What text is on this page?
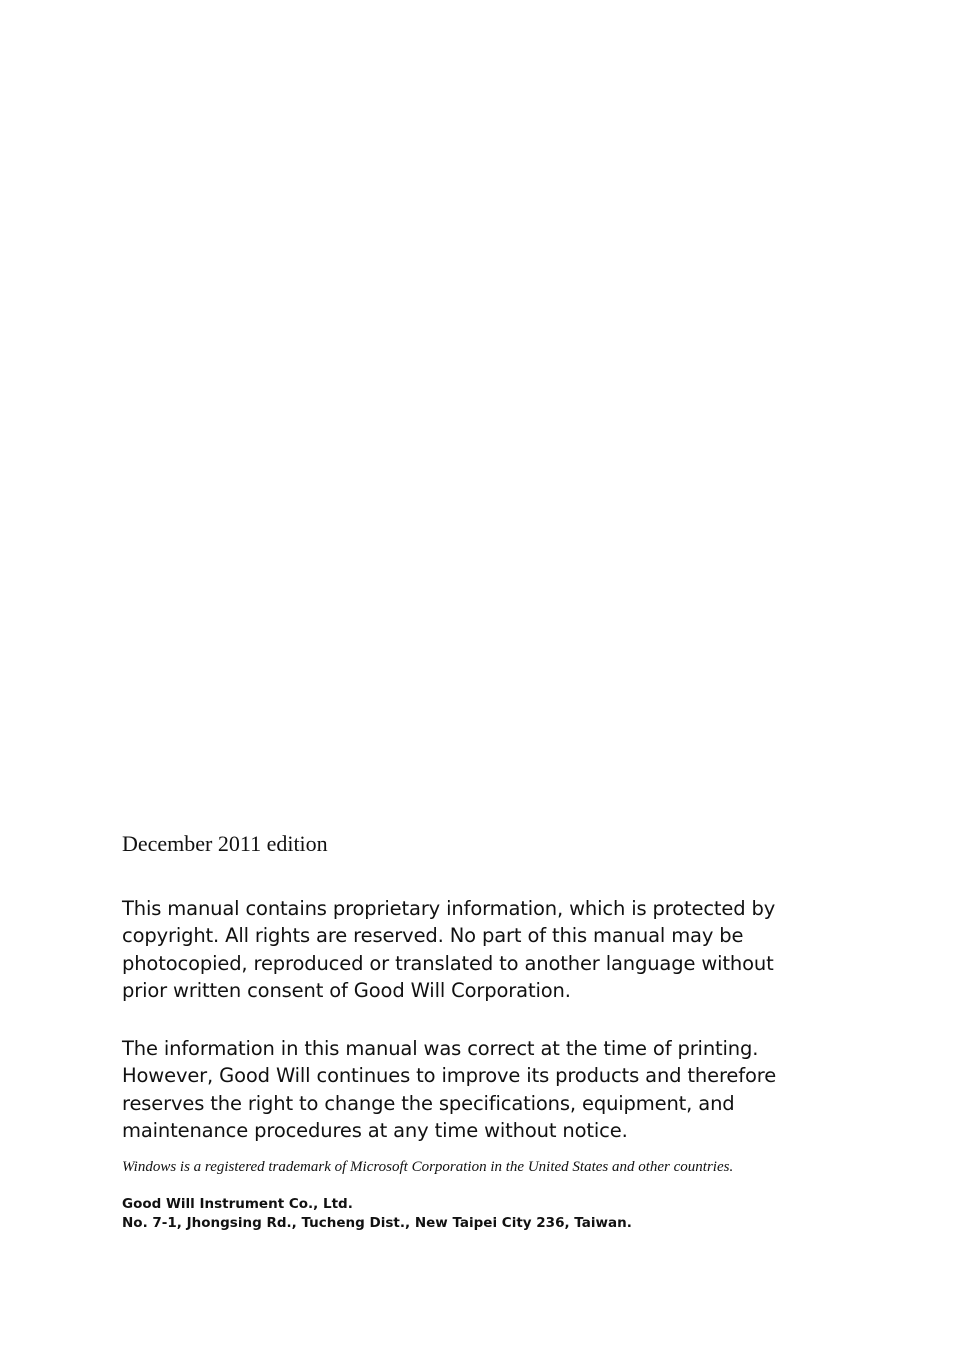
December 2011 edition

This manual contains proprietary information, which is protected by
copyright. All rights are reserved. No part of this manual may be
photocopied, reproduced or translated to another language without
prior written consent of Good Will Corporation.

The information in this manual was correct at the time of printing.
However, Good Will continues to improve its products and therefore
reserves the right to change the specifications, equipment, and
maintenance procedures at any time without notice.

Windows is a registered trademark of Microsoft Corporation in the United States and other countries.

Good Will Instrument Co., Ltd.

No. 7-1, Jhongsing Rd., Tucheng Dist., New Taipei City 236, Taiwan.
